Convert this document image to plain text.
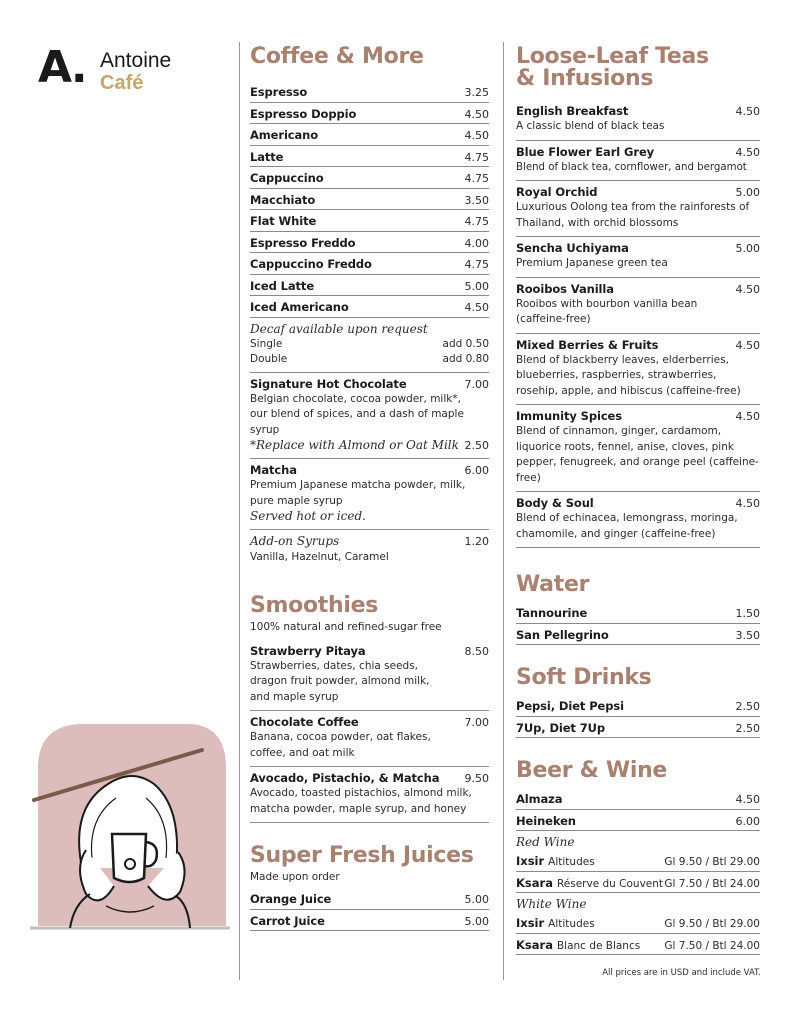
A. Antoine
Café
Coffee & More
Espresso	3.25
Espresso Doppio	4.50
Americano	4.50
Latte	4.75
Cappuccino	4.75
Macchiato	3.50
Flat White	4.75
Espresso Freddo	4.00
Cappuccino Freddo	4.75
Iced Latte	5.00
Iced Americano	4.50
Decaf available upon request
Single	add 0.50
Double	add 0.80
Signature Hot Chocolate	7.00
Belgian chocolate, cocoa powder, milk*, our blend of spices, and a dash of maple syrup
*Replace with Almond or Oat Milk 2.50
Matcha	6.00
Premium Japanese matcha powder, milk, pure maple syrup
Served hot or iced.
Add-on Syrups	1.20
Vanilla, Hazelnut, Caramel
Smoothies
100% natural and refined-sugar free
Strawberry Pitaya	8.50
Strawberries, dates, chia seeds, dragon fruit powder, almond milk, and maple syrup
Chocolate Coffee	7.00
Banana, cocoa powder, oat flakes, coffee, and oat milk
Avocado, Pistachio, & Matcha 9.50
Avocado, toasted pistachios, almond milk, matcha powder, maple syrup, and honey
Super Fresh Juices
Made upon order
Orange Juice	5.00
Carrot Juice	5.00
Loose-Leaf Teas
& Infusions
English Breakfast	4.50
A classic blend of black teas
Blue Flower Earl Grey	4.50
Blend of black tea, cornflower, and bergamot
Royal Orchid	5.00
Luxurious Oolong tea from the rainforests of Thailand, with orchid blossoms
Sencha Uchiyama	5.00
Premium Japanese green tea
Rooibos Vanilla	4.50
Rooibos with bourbon vanilla bean (caffeine-free)
Mixed Berries & Fruits	4.50
Blend of blackberry leaves, elderberries, blueberries, raspberries, strawberries, rosehip, apple, and hibiscus (caffeine-free)
Immunity Spices	4.50
Blend of cinnamon, ginger, cardamom, liquorice roots, fennel, anise, cloves, pink pepper, fenugreek, and orange peel (caffeine-free)
Body & Soul	4.50
Blend of echinacea, lemongrass, moringa, chamomile, and ginger (caffeine-free)
Water
Tannourine	1.50
San Pellegrino	3.50
Soft Drinks
Pepsi, Diet Pepsi	2.50
7Up, Diet 7Up	2.50
Beer & Wine
Almaza	4.50
Heineken	6.00
Red Wine
Ixsir Altitudes	Gl 9.50 / Btl 29.00
Ksara Réserve du Couvent Gl 7.50 / Btl 24.00
White Wine
Ixsir Altitudes	Gl 9.50 / Btl 29.00
Ksara Blanc de Blancs Gl 7.50 / Btl 24.00
All prices are in USD and include VAT.
